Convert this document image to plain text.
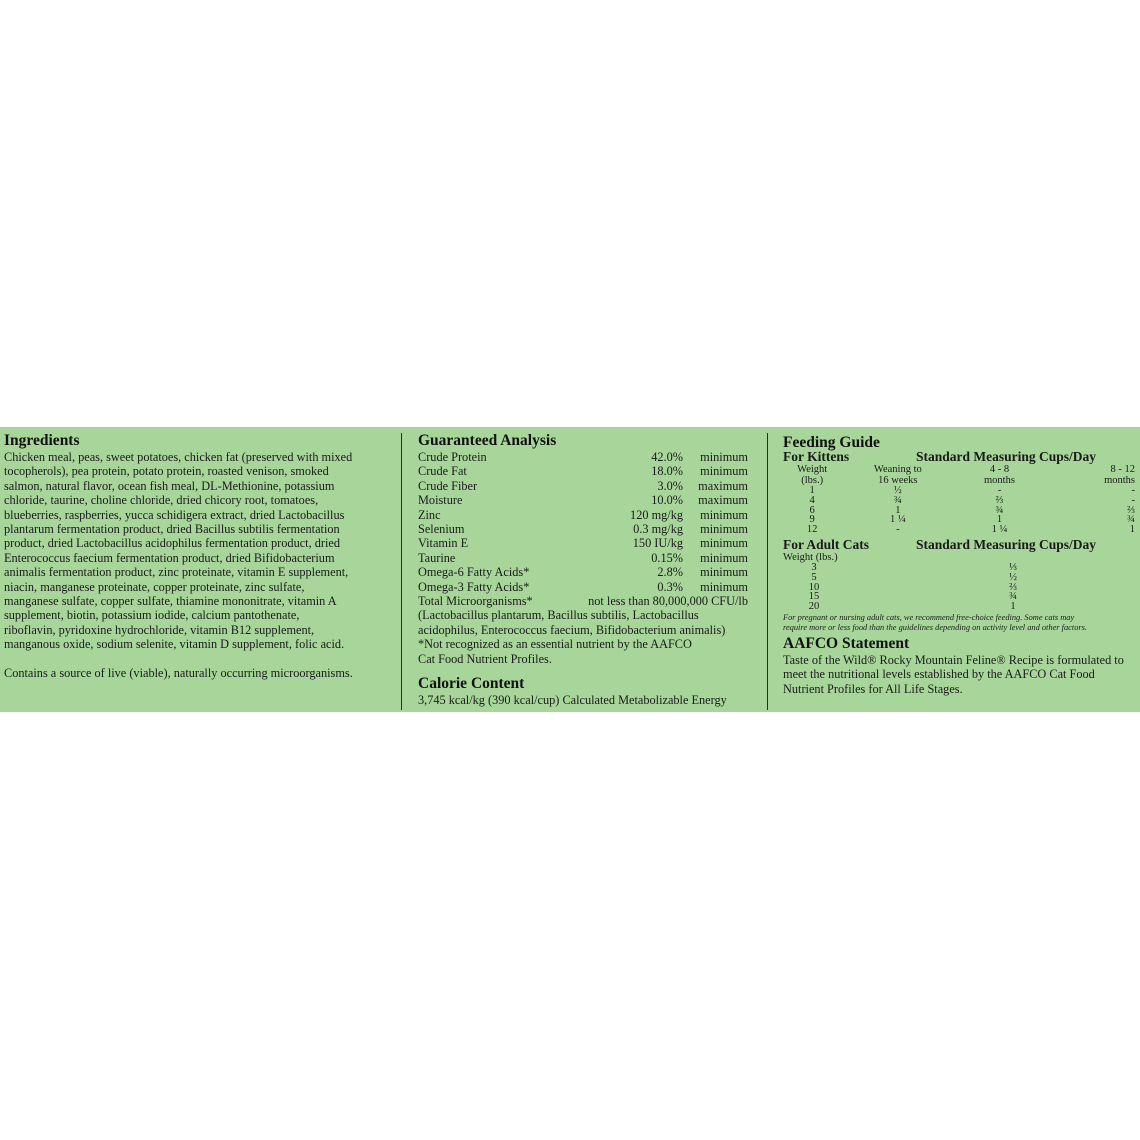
Ingredients

Chicken meal, peas, sweet potatoes, chicken fat (preserved with mixed

tocopherols), pea protein, potato protein, roasted venison, smoked

salmon, natural flavor, ocean fish meal, DL-Methionine, potassium

chloride, taurine, choline chloride, dried chicory root, tomatoes,

blueberries, raspberries, yucca schidigera extract, dried Lactobacillus

plantarum fermentation product, dried Bacillus subtilis fermentation

product, dried Lactobacillus acidophilus fermentation product, dried

Enterococcus faecium fermentation product, dried Bifidobacterium

animalis fermentation product, zinc proteinate, vitamin E supplement,

niacin, manganese proteinate, copper proteinate, zinc sulfate,

manganese sulfate, copper sulfate, thiamine mononitrate, vitamin A

supplement, biotin, potassium iodide, calcium pantothenate,

riboflavin, pyridoxine hydrochloride, vitamin B12 supplement,

manganous oxide, sodium selenite, vitamin D supplement, folic acid.

Contains a source of live (viable), naturally occurring microorganisms.

Guaranteed Analysis
Crude Protein	42.0%	minimum
Crude Fat	18.0%	minimum
Crude Fiber	3.0%	maximum
Moisture	10.0%	maximum
Zinc	120 mg/kg	minimum
Selenium	0.3 mg/kg	minimum
Vitamin E	150 IU/kg	minimum
Taurine	0.15%	minimum
Omega-6 Fatty Acids*	2.8%	minimum
Omega-3 Fatty Acids*	0.3%	minimum
Total Microorganisms*	not less than 80,000,000 CFU/lb

(Lactobacillus plantarum, Bacillus subtilis, Lactobacillus

acidophilus, Enterococcus faecium, Bifidobacterium animalis)

*Not recognized as an essential nutrient by the AAFCO

Cat Food Nutrient Profiles.

Calorie Content

3,745 kcal/kg (390 kcal/cup) Calculated Metabolizable Energy

Feeding Guide
For Kittens	Standard Measuring Cups/Day
Weight	Weaning to	4 - 8	8 - 12
(lbs.)	16 weeks	months	months
1	½	-	-
4	¾	⅔	-
6	1	¾	⅔
9	1 ¼	1	¾
12	-	1 ¼	1
For Adult Cats	Standard Measuring Cups/Day
Weight (lbs.)
3	⅓
5	½
10	⅔
15	¾
20	1

For pregnant or nursing adult cats, we recommend free-choice feeding. Some cats may

require more or less food than the guidelines depending on activity level and other factors.

AAFCO Statement

Taste of the Wild® Rocky Mountain Feline® Recipe is formulated to

meet the nutritional levels established by the AAFCO Cat Food

Nutrient Profiles for All Life Stages.
